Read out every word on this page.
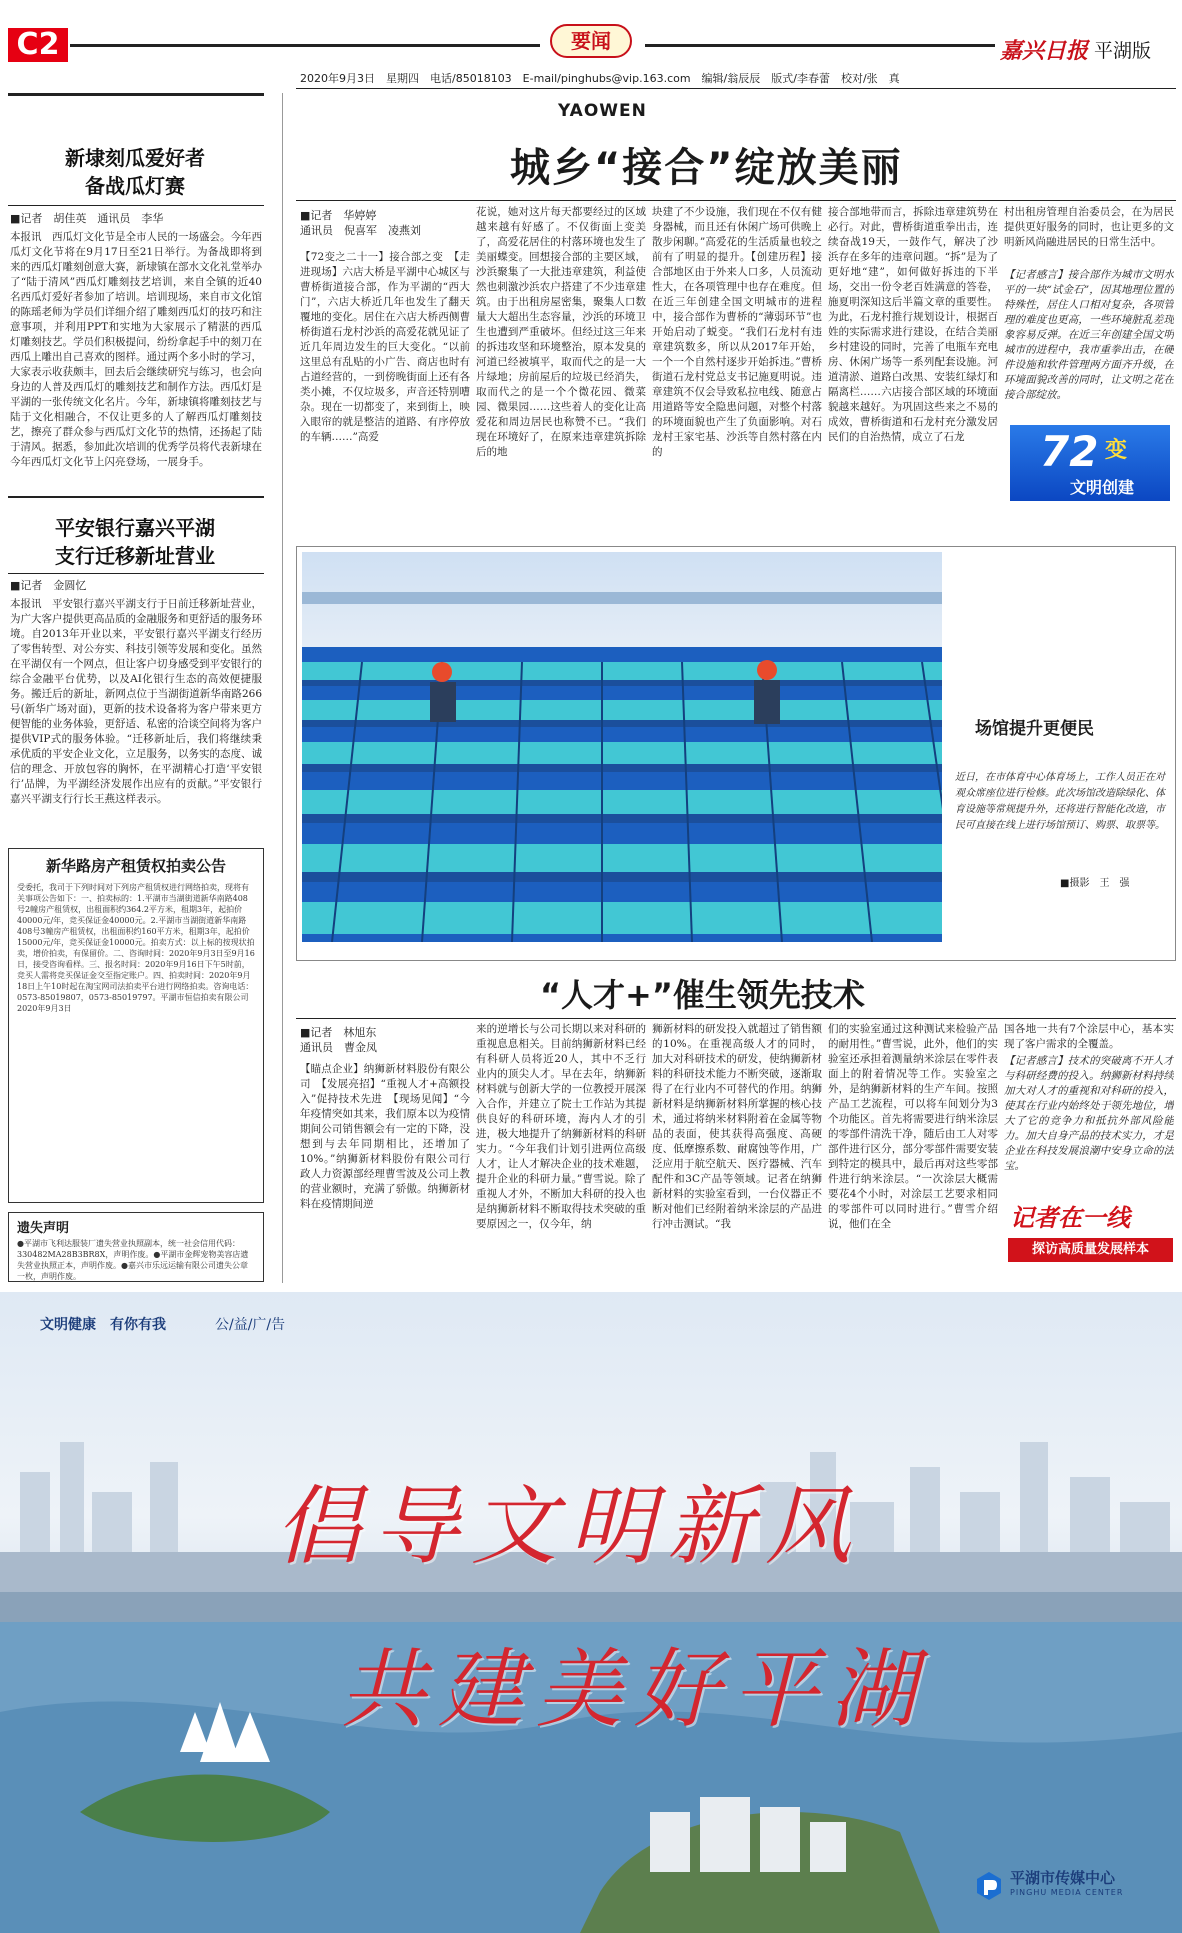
C2	要闻	嘉兴日报 平湖版
2020年9月3日　星期四　电话/85018103　E-mail/pinghubs@vip.163.com　编辑/翁辰辰　版式/李春蕾　校对/张　真
YAOWEN
新埭刻瓜爱好者
备战瓜灯赛
■记者　胡佳英　通讯员　李华
本报讯　西瓜灯文化节是全市人民的一场盛会。今年西瓜灯文化节将在9月17日至21日举行。为备战即将到来的西瓜灯雕刻创意大赛，新埭镇在部水文化礼堂举办了“陆于清风”西瓜灯雕刻技艺培训，来自全镇的近40名西瓜灯爱好者参加了培训。培训现场，来自市文化馆的陈瑶老师为学员们详细介绍了雕刻西瓜灯的技巧和注意事项，并利用PPT和实地为大家展示了精湛的西瓜灯雕刻技艺。学员们积极提问，纷纷拿起手中的刻刀在西瓜上雕出自己喜欢的图样。通过两个多小时的学习，大家表示收获颇丰，回去后会继续研究与练习，也会向身边的人普及西瓜灯的雕刻技艺和制作方法。西瓜灯是平湖的一张传统文化名片。今年，新埭镇将雕刻技艺与陆于文化相融合，不仅让更多的人了解西瓜灯雕刻技艺，擦亮了群众参与西瓜灯文化节的热情，还扬起了陆于清风。据悉，参加此次培训的优秀学员将代表新埭在今年西瓜灯文化节上闪亮登场，一展身手。
平安银行嘉兴平湖
支行迁移新址营业
■记者　金圆忆
本报讯　平安银行嘉兴平湖支行于日前迁移新址营业，为广大客户提供更高品质的金融服务和更舒适的服务环境。自2013年开业以来，平安银行嘉兴平湖支行经历了零售转型、对公夯实、科技引领等发展和变化。虽然在平湖仅有一个网点，但让客户切身感受到平安银行的综合金融平台优势，以及AI化银行生态的高效便捷服务。搬迁后的新址，新网点位于当湖街道新华南路266号(新华广场对面)，更新的技术设备将为客户带来更方便智能的业务体验，更舒适、私密的洽谈空间将为客户提供VIP式的服务体验。“迁移新址后，我们将继续秉承优质的平安企业文化，立足服务，以务实的态度、诚信的理念、开放包容的胸怀，在平湖精心打造‘平安银行’品牌，为平湖经济发展作出应有的贡献。”平安银行嘉兴平湖支行行长王燕这样表示。
新华路房产租赁权拍卖公告
受委托，我司于下列时间对下列房产租赁权进行网络拍卖，现将有关事项公告如下：一、拍卖标的：1.平湖市当湖街道新华南路408号2幢房产租赁权，出租面积约364.2平方米，租期3年，起拍价40000元/年，竞买保证金40000元。2.平湖市当湖街道新华南路408号3幢房产租赁权，出租面积约160平方米，租期3年，起拍价15000元/年，竞买保证金10000元。拍卖方式：以上标的按现状拍卖，增价拍卖，有保留价。二、咨询时间：2020年9月3日至9月16日，接受咨询看样。三、报名时间：2020年9月16日下午5时前，竞买人需将竞买保证金交至指定账户。四、拍卖时间：2020年9月18日上午10时起在淘宝网司法拍卖平台进行网络拍卖。咨询电话：0573-85019807，0573-85019797。平湖市恒信拍卖有限公司　2020年9月3日
遗失声明
●平湖市飞利达服装厂遗失营业执照副本，统一社会信用代码：330482MA28B3BR8X，声明作废。●平湖市金辉宠物美容店遗失营业执照正本，声明作废。●嘉兴市乐远运输有限公司遗失公章一枚，声明作废。
城乡“接合”绽放美丽
■记者　华婷婷
通讯员　倪喜军　凌燕刘
【72变之二十一】接合部之变　【走进现场】六店大桥是平湖中心城区与曹桥街道接合部，作为平湖的“西大门”，六店大桥近几年也发生了翻天覆地的变化。居住在六店大桥西侧曹桥街道石龙村沙浜的高爱花就见证了近几年周边发生的巨大变化。“以前这里总有乱贴的小广告、商店也时有占道经营的，一到傍晚街面上还有各类小摊，不仅垃圾多，声音还特别嘈杂。现在一切都变了，来到街上，映入眼帘的就是整洁的道路、有序停放的车辆……”高爱
花说，她对这片每天都要经过的区域越来越有好感了。不仅街面上变美了，高爱花居住的村落环境也发生了美丽蝶变。回想接合部的主要区域，沙浜聚集了一大批违章建筑，利益使然也刺激沙浜农户搭建了不少违章建筑。由于出租房屋密集，聚集人口数量大大超出生态容量，沙浜的环境卫生也遭到严重破坏。但经过这三年来的拆违攻坚和环境整治，原本发臭的河道已经被填平，取而代之的是一大片绿地；房前屋后的垃圾已经消失，取而代之的是一个个微花园、微菜园、微果园……这些着人的变化让高爱花和周边居民也称赞不已。“我们现在环境好了，在原来违章建筑拆除后的地
块建了不少设施，我们现在不仅有健身器械，而且还有休闲广场可供晚上散步闲聊。”高爱花的生活质量也较之前有了明显的提升。【创建历程】接合部地区由于外来人口多，人员流动性大，在各项管理中也存在难度。但在近三年创建全国文明城市的进程中，接合部作为曹桥的“薄弱环节”也开始启动了蜕变。“我们石龙村有违章建筑数多，所以从2017年开始，一个一个自然村逐步开始拆违。”曹桥街道石龙村党总支书记施夏明说。违章建筑不仅会导致私拉电线、随意占用道路等安全隐患问题，对整个村落的环境面貌也产生了负面影响。对石龙村王家宅基、沙浜等自然村落在内的
接合部地带而言，拆除违章建筑势在必行。对此，曹桥街道重拳出击，连续奋战19天，一鼓作气，解决了沙浜存在多年的违章问题。“拆”是为了更好地“建”，如何做好拆违的下半场，交出一份令老百姓满意的答卷，施夏明深知这后半篇文章的重要性。为此，石龙村推行规划设计，根据百姓的实际需求进行建设，在结合美丽乡村建设的同时，完善了电瓶车充电房、休闲广场等一系列配套设施。河道清淤、道路白改黑、安装红绿灯和隔离栏……六店接合部区域的环境面貌越来越好。为巩固这些来之不易的成效，曹桥街道和石龙村充分激发居民们的自治热情，成立了石龙
村出租房管理自治委员会，在为居民提供更好服务的同时，也让更多的文明新风尚融进居民的日常生活中。
【记者感言】接合部作为城市文明水平的一块“试金石”，因其地理位置的特殊性，居住人口相对复杂，各项管理的难度也更高，一些环境脏乱差现象容易反弹。在近三年创建全国文明城市的进程中，我市重拳出击，在硬件设施和软件管理两方面齐升级，在环境面貌改善的同时，让文明之花在接合部绽放。
72 变
文明创建
场馆提升更便民
近日，在市体育中心体育场上，工作人员正在对观众席座位进行检修。此次场馆改造除绿化、体育设施等常规提升外，还将进行智能化改造，市民可直接在线上进行场馆预订、购票、取票等。
■摄影　王　强
“人才+”催生领先技术
■记者　林旭东
通讯员　曹金凤
【瞄点企业】纳狮新材料股份有限公司　【发展亮招】“重视人才+高额投入”促持技术先进　【现场见闻】“今年疫情突如其来，我们原本以为疫情期间公司销售额会有一定的下降，没想到与去年同期相比，还增加了10%。”纳狮新材料股份有限公司行政人力资源部经理曹雪波及公司上教的营业额时，充满了骄傲。纳狮新材料在疫情期间逆
来的逆增长与公司长期以来对科研的重视息息相关。目前纳狮新材料已经有科研人员将近20人，其中不乏行业内的顶尖人才。早在去年，纳狮新材料就与创新大学的一位教授开展深入合作，并建立了院士工作站为其提供良好的科研环境，海内人才的引进，极大地提升了纳狮新材料的科研实力。“今年我们计划引进两位高级人才，让人才解决企业的技术难题，提升企业的科研力量。”曹雪说。除了重视人才外，不断加大科研的投入也是纳狮新材料不断取得技术突破的重要原因之一，仅今年，纳
狮新材料的研发投入就超过了销售额的10%。在重视高级人才的同时，加大对科研技术的研发，使纳狮新材料的科研技术能力不断突破，逐渐取得了在行业内不可替代的作用。纳狮新材料是纳狮新材料所掌握的核心技术，通过将纳米材料附着在金属等物品的表面，使其获得高强度、高硬度、低摩擦系数、耐腐蚀等作用，广泛应用于航空航天、医疗器械、汽车配件和3C产品等领域。记者在纳狮新材料的实验室看到，一台仪器正不断对他们已经附着纳米涂层的产品进行冲击测试。“我
们的实验室通过这种测试来检验产品的耐用性。”曹雪说，此外，他们的实验室还承担着测量纳米涂层在零件表面上的附着情况等工作。实验室之外，是纳狮新材料的生产车间。按照产品工艺流程，可以将车间划分为3个功能区。首先将需要进行纳米涂层的零部件清洗干净，随后由工人对零部件进行区分，部分零部件需要安装到特定的模具中，最后再对这些零部件进行纳米涂层。“一次涂层大概需要花4个小时，对涂层工艺要求相同的零部件可以同时进行。”曹雪介绍说，他们在全
国各地一共有7个涂层中心，基本实现了客户需求的全覆盖。
【记者感言】技术的突破离不开人才与科研经费的投入。纳狮新材料持续加大对人才的重视和对科研的投入，使其在行业内始终处于领先地位，增大了它的竞争力和抵抗外部风险能力。加大自身产品的技术实力，才是企业在科技发展浪潮中安身立命的法宝。
记者在一线
探访高质量发展样本
文明健康　有你有我	公/益/广/告
倡导文明新风
共建美好平湖
平湖市传媒中心
PINGHU MEDIA CENTER
